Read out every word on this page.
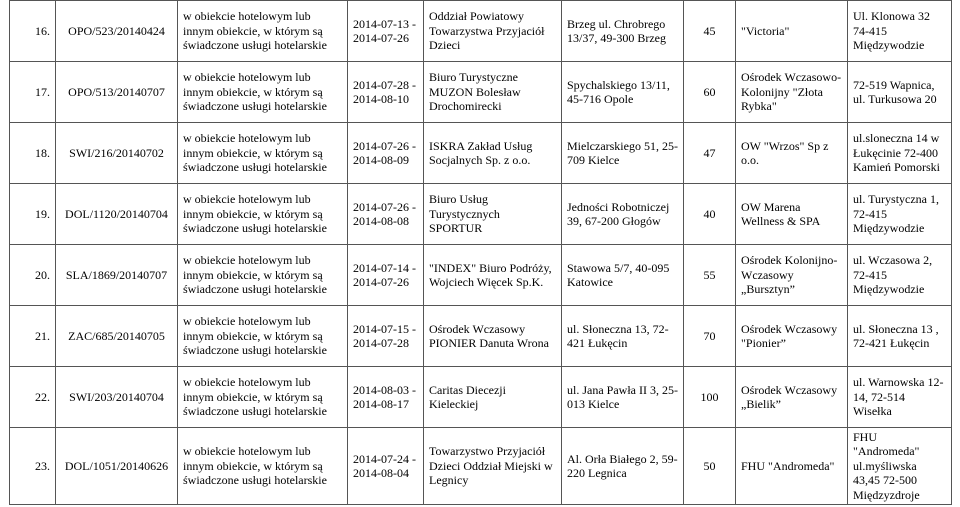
16.	OPO/523/20140424	w obiekcie hotelowym lub innym obiekcie, w którym są świadczone usługi hotelarskie	2014-07-13 - 2014-07-26	Oddział Powiatowy Towarzystwa Przyjaciół Dzieci	Brzeg ul. Chrobrego 13/37, 49-300 Brzeg	45	"Victoria"	Ul. Klonowa 32 74-415 Międzywodzie
17.	OPO/513/20140707	w obiekcie hotelowym lub innym obiekcie, w którym są świadczone usługi hotelarskie	2014-07-28 - 2014-08-10	Biuro Turystyczne MUZON Bolesław Drochomirecki	Spychalskiego 13/11, 45-716 Opole	60	Ośrodek Wczasowo-Kolonijny "Złota Rybka"	72-519 Wapnica, ul. Turkusowa 20
18.	SWI/216/20140702	w obiekcie hotelowym lub innym obiekcie, w którym są świadczone usługi hotelarskie	2014-07-26 - 2014-08-09	ISKRA Zakład Usług Socjalnych Sp. z o.o.	Mielczarskiego 51, 25-709 Kielce	47	OW "Wrzos" Sp z o.o.	ul.sloneczna 14 w Łukęcinie 72-400 Kamień Pomorski
19.	DOL/1120/20140704	w obiekcie hotelowym lub innym obiekcie, w którym są świadczone usługi hotelarskie	2014-07-26 - 2014-08-08	Biuro Usług Turystycznych SPORTUR	Jedności Robotniczej 39, 67-200 Głogów	40	OW Marena Wellness & SPA	ul. Turystyczna 1, 72-415 Międzywodzie
20.	SLA/1869/20140707	w obiekcie hotelowym lub innym obiekcie, w którym są świadczone usługi hotelarskie	2014-07-14 - 2014-07-26	"INDEX" Biuro Podróży, Wojciech Więcek Sp.K.	Stawowa 5/7, 40-095 Katowice	55	Ośrodek Kolonijno-Wczasowy „Bursztyn”	ul. Wczasowa 2, 72-415 Międzywodzie
21.	ZAC/685/20140705	w obiekcie hotelowym lub innym obiekcie, w którym są świadczone usługi hotelarskie	2014-07-15 - 2014-07-28	Ośrodek Wczasowy PIONIER Danuta Wrona	ul. Słoneczna 13, 72-421 Łukęcin	70	Ośrodek Wczasowy "Pionier”	ul. Słoneczna 13 , 72-421 Łukęcin
22.	SWI/203/20140704	w obiekcie hotelowym lub innym obiekcie, w którym są świadczone usługi hotelarskie	2014-08-03 - 2014-08-17	Caritas Diecezji Kieleckiej	ul. Jana Pawła II 3, 25-013 Kielce	100	Ośrodek Wczasowy „Bielik”	ul. Warnowska 12-14, 72-514 Wisełka
23.	DOL/1051/20140626	w obiekcie hotelowym lub innym obiekcie, w którym są świadczone usługi hotelarskie	2014-07-24 - 2014-08-04	Towarzystwo Przyjaciół Dzieci Oddział Miejski w Legnicy	Al. Orła Białego 2, 59-220 Legnica	50	FHU "Andromeda"	FHU "Andromeda" ul.myśliwska 43,45 72-500 Międzyzdroje
